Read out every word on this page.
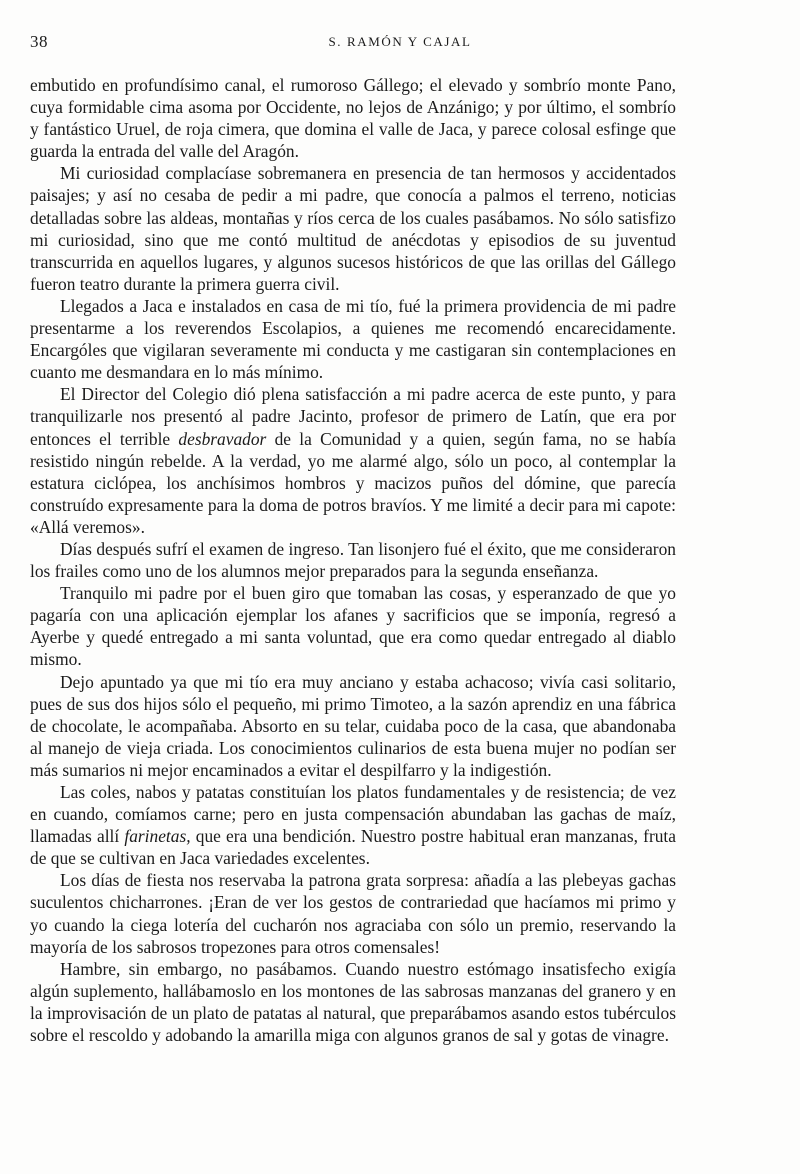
38	S. RAMÓN Y CAJAL

embutido en profundísimo canal, el rumoroso Gállego; el elevado y sombrío monte Pano, cuya formidable cima asoma por Occidente, no lejos de Anzánigo; y por último, el sombrío y fantástico Uruel, de roja cimera, que domina el valle de Jaca, y parece colosal esfinge que guarda la entrada del valle del Aragón.

Mi curiosidad complacíase sobremanera en presencia de tan hermosos y accidentados paisajes; y así no cesaba de pedir a mi padre, que conocía a palmos el terreno, noticias detalladas sobre las aldeas, montañas y ríos cerca de los cuales pasábamos. No sólo satisfizo mi curiosidad, sino que me contó multitud de anécdotas y episodios de su juventud transcurrida en aquellos lugares, y algunos sucesos históricos de que las orillas del Gállego fueron teatro durante la primera guerra civil.

Llegados a Jaca e instalados en casa de mi tío, fué la primera providencia de mi padre presentarme a los reverendos Escolapios, a quienes me recomendó encarecidamente. Encargóles que vigilaran severamente mi conducta y me castigaran sin contemplaciones en cuanto me desmandara en lo más mínimo.

El Director del Colegio dió plena satisfacción a mi padre acerca de este punto, y para tranquilizarle nos presentó al padre Jacinto, profesor de primero de Latín, que era por entonces el terrible desbravador de la Comunidad y a quien, según fama, no se había resistido ningún rebelde. A la verdad, yo me alarmé algo, sólo un poco, al contemplar la estatura ciclópea, los anchísimos hombros y macizos puños del dómine, que parecía construído expresamente para la doma de potros bravíos. Y me limité a decir para mi capote: «Allá veremos».

Días después sufrí el examen de ingreso. Tan lisonjero fué el éxito, que me consideraron los frailes como uno de los alumnos mejor preparados para la segunda enseñanza.

Tranquilo mi padre por el buen giro que tomaban las cosas, y esperanzado de que yo pagaría con una aplicación ejemplar los afanes y sacrificios que se imponía, regresó a Ayerbe y quedé entregado a mi santa voluntad, que era como quedar entregado al diablo mismo.

Dejo apuntado ya que mi tío era muy anciano y estaba achacoso; vivía casi solitario, pues de sus dos hijos sólo el pequeño, mi primo Timoteo, a la sazón aprendiz en una fábrica de chocolate, le acompañaba. Absorto en su telar, cuidaba poco de la casa, que abandonaba al manejo de vieja criada. Los conocimientos culinarios de esta buena mujer no podían ser más sumarios ni mejor encaminados a evitar el despilfarro y la indigestión.

Las coles, nabos y patatas constituían los platos fundamentales y de resistencia; de vez en cuando, comíamos carne; pero en justa compensación abundaban las gachas de maíz, llamadas allí farinetas, que era una bendición. Nuestro postre habitual eran manzanas, fruta de que se cultivan en Jaca variedades excelentes.

Los días de fiesta nos reservaba la patrona grata sorpresa: añadía a las plebeyas gachas suculentos chicharrones. ¡Eran de ver los gestos de contrariedad que hacíamos mi primo y yo cuando la ciega lotería del cucharón nos agraciaba con sólo un premio, reservando la mayoría de los sabrosos tropezones para otros comensales!

Hambre, sin embargo, no pasábamos. Cuando nuestro estómago insatisfecho exigía algún suplemento, hallábamoslo en los montones de las sabrosas manzanas del granero y en la improvisación de un plato de patatas al natural, que preparábamos asando estos tubérculos sobre el rescoldo y adobando la amarilla miga con algunos granos de sal y gotas de vinagre.
